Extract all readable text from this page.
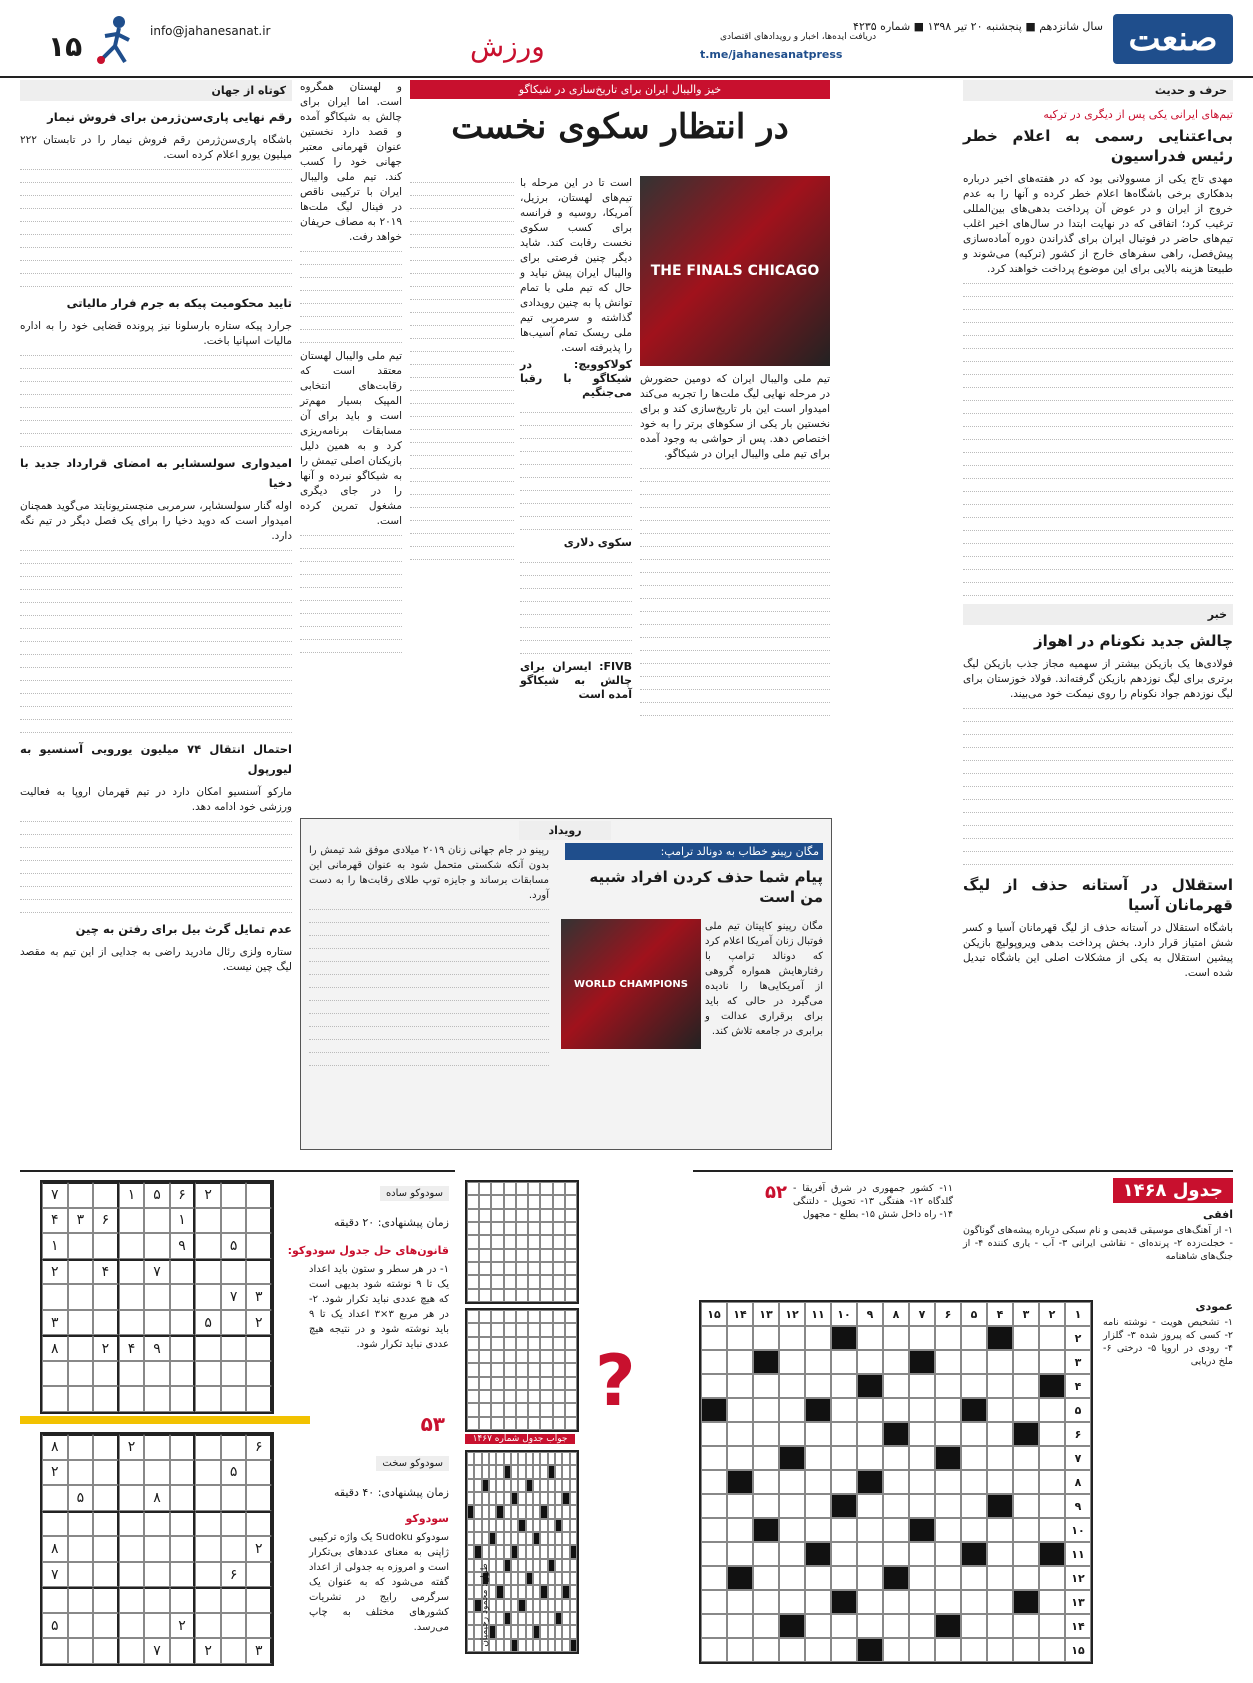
صنعت
سال شانزدهم ■ پنجشنبه ۲۰ تیر ۱۳۹۸ ■ شماره ۴۲۳۵
دریافت ایده‌ها، اخبار و رویدادهای اقتصادی
t.me/jahanesanatpress
ورزش
info@jahanesanat.ir
۱۵
حرف و حدیث
تیم‌های ایرانی یکی پس از دیگری در ترکیه
بی‌اعتنایی رسمی به اعلام خطر رئیس فدراسیون

مهدی تاج یکی از مسوولانی بود که در هفته‌های اخیر درباره بدهکاری برخی باشگاه‌ها اعلام خطر کرده و آنها را به عدم خروج از ایران و در عوض آن پرداخت بدهی‌های بین‌المللی ترغیب کرد؛ اتفاقی که در نهایت ابتدا در سال‌های اخیر اغلب تیم‌های حاضر در فوتبال ایران برای گذراندن دوره آماده‌سازی پیش‌فصل، راهی سفرهای خارج از کشور (ترکیه) می‌شوند و طبیعتا هزینه بالایی برای این موضوع پرداخت خواهند کرد.

خبر
چالش جدید نکونام در اهواز

فولادی‌ها یک بازیکن بیشتر از سهمیه مجاز جذب بازیکن لیگ برتری برای لیگ نوزدهم بازیکن گرفته‌اند. فولاد خوزستان برای لیگ نوزدهم جواد نکونام را روی نیمکت خود می‌بیند.

استقلال در آستانه حذف از لیگ قهرمانان آسیا

باشگاه استقلال در آستانه حذف از لیگ قهرمانان آسیا و کسر شش امتیاز قرار دارد. بخش پرداخت بدهی ویروپولیچ بازیکن پیشین استقلال به یکی از مشکلات اصلی این باشگاه تبدیل شده است.

خیز والیبال ایران برای تاریخ‌سازی در شیکاگو
در انتظار سکوی نخست
THE FINALS CHICAGO

تیم ملی والیبال ایران که دومین حضورش در مرحله نهایی لیگ ملت‌ها را تجربه می‌کند امیدوار است این بار تاریخ‌سازی کند و برای نخستین بار یکی از سکوهای برتر را به خود اختصاص دهد. پس از حواشی به وجود آمده برای تیم ملی والیبال ایران در شیکاگو.

است تا در این مرحله با تیم‌های لهستان، برزیل، آمریکا، روسیه و فرانسه برای کسب سکوی نخست رقابت کند. شاید دیگر چنین فرصتی برای والیبال ایران پیش نیاید و حال که تیم ملی با تمام توانش پا به چنین رویدادی گذاشته و سرمربی تیم ملی ریسک تمام آسیب‌ها را پذیرفته است.

کولاکوویچ: در شیکاگو با رقبا می‌جنگیم
سکوی دلاری
FIVB: ایسران برای چالش به شیکاگو آمده است

و لهستان همگروه است. اما ایران برای چالش به شیکاگو آمده و قصد دارد نخستین عنوان قهرمانی معتبر جهانی خود را کسب کند. تیم ملی والیبال ایران با ترکیبی ناقص در فینال لیگ ملت‌ها ۲۰۱۹ به مصاف حریفان خواهد رفت.

تیم ملی والیبال لهستان معتقد است که رقابت‌های انتخابی المپیک بسیار مهم‌تر است و باید برای آن مسابقات برنامه‌ریزی کرد و به همین دلیل بازیکنان اصلی تیمش را به شیکاگو نبرده و آنها را در جای دیگری مشغول تمرین کرده است.

کوتاه از جهان
رقم نهایی پاری‌سن‌ژرمن برای فروش نیمار

باشگاه پاری‌سن‌ژرمن رقم فروش نیمار را در تابستان ۲۲۲ میلیون یورو اعلام کرده است.

تایید محکومیت پیکه به جرم فرار مالیاتی

جرارد پیکه ستاره بارسلونا نیز پرونده قضایی خود را به اداره مالیات اسپانیا باخت.

امیدواری سولسشایر به امضای قرارداد جدید با دخیا

اوله گنار سولسشایر، سرمربی منچستریونایتد می‌گوید همچنان امیدوار است که دوید دخیا را برای یک فصل دیگر در تیم نگه دارد.

احتمال انتقال ۷۴ میلیون یورویی آسنسیو به لیورپول

مارکو آسنسیو امکان دارد در تیم قهرمان اروپا به فعالیت ورزشی خود ادامه دهد.

عدم تمایل گرث بیل برای رفتن به چین

ستاره ولزی رئال مادرید راضی به جدایی از این تیم به مقصد لیگ چین نیست.

رویداد
مگان رپینو خطاب به دونالد ترامپ:
پیام شما حذف کردن افراد شبیه من است
WORLD CHAMPIONS

مگان رپینو کاپیتان تیم ملی فوتبال زنان آمریکا اعلام کرد که دونالد ترامپ با رفتارهایش همواره گروهی از آمریکایی‌ها را نادیده می‌گیرد در حالی که باید برای برقراری عدالت و برابری در جامعه تلاش کند.

رپینو در جام جهانی زنان ۲۰۱۹ میلادی موفق شد تیمش را بدون آنکه شکستی متحمل شود به عنوان قهرمانی این مسابقات برساند و جایزه توپ طلای رقابت‌ها را به دست آورد.

جدول ۱۴۶۸
افقی
۱- از آهنگ‌های موسیقی قدیمی و نام سبکی درباره پیشه‌های گوناگون - خجلت‌زده ۲- پرنده‌ای - نقاشی ایرانی ۳- آب - یاری کننده ۴- از جنگ‌های شاهنامه
۱۱- کشور جمهوری در شرق آفریقا - گلدگاه ۱۲- هفتگی ۱۳- تحویل - دلتنگی ۱۴- راه داخل شش ۱۵- بطلع - مجهول
۵۲
عمودی
۱- تشخیص هویت - نوشته نامه ۲- کسی که پیروز شده ۳- گلزار ۴- رودی در اروپا ۵- درختی ۶- ملخ دریایی
۱
۲
۳
۴
۵
۶
۷
۸
۹
۱۰
۱۱
۱۲
۱۳
۱۴
۱۵
۲
۳
۴
۵
۶
۷
۸
۹
۱۰
۱۱
۱۲
۱۳
۱۴
۱۵
?
جواب جدول شماره ۱۴۶۷
طراح: محمود رحیمیان
سودوکو ساده
زمان پیشنهادی: ۲۰ دقیقه
قانون‌های حل جدول سودوکو:
۱- در هر سطر و ستون باید اعداد یک تا ۹ نوشته شود بدیهی است که هیچ عددی نباید تکرار شود. ۲- در هر مربع ۳×۳ اعداد یک تا ۹ باید نوشته شود و در نتیجه هیچ عددی نباید تکرار شود.
۵۳
سودوکو سخت
زمان پیشنهادی: ۴۰ دقیقه
سودوکو
سودوکو Sudoku یک واژه ترکیبی ژاپنی به معنای عددهای بی‌تکرار است و امروزه به جدولی از اعداد گفته می‌شود که به عنوان یک سرگرمی رایج در نشریات کشورهای مختلف به چاپ می‌رسد.
۲
۶
۵
۱
۷
۱
۶
۳
۴
۵
۹
۱
۷
۴
۲
۳
۷
۲
۵
۳
۹
۴
۲
۸
۶
۲
۸
۵
۲
۸
۵
۲
۸
۶
۷
۲
۵
۳
۲
۷
